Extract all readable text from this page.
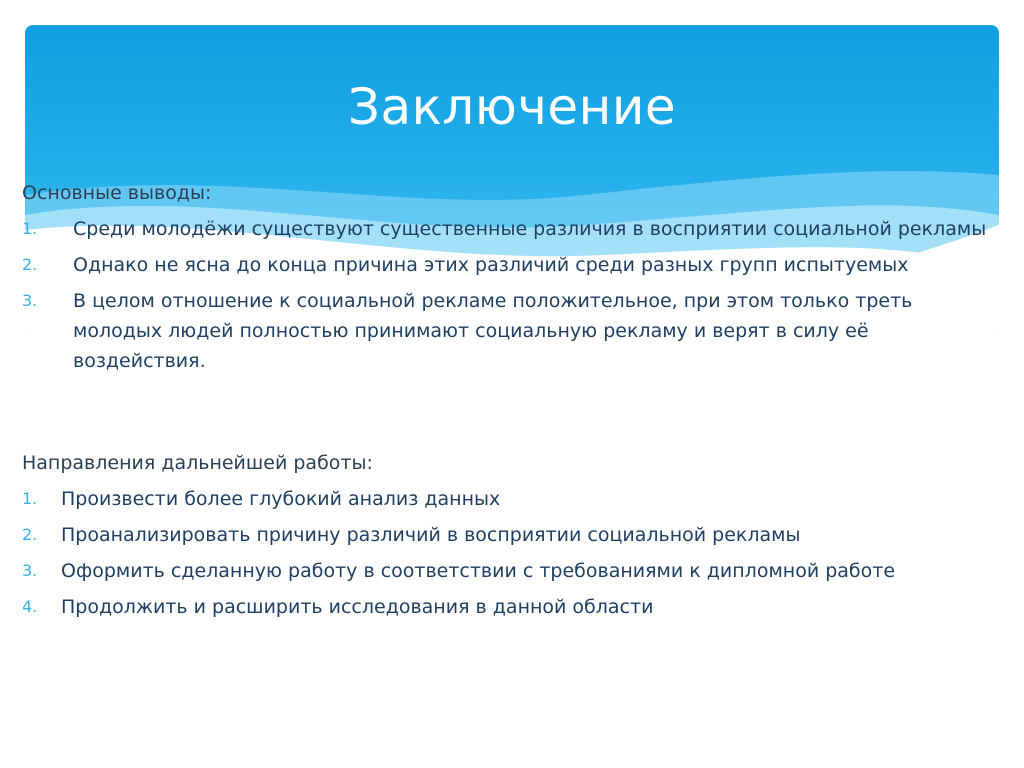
Заключение
Основные выводы:
1. Среди молодёжи существуют существенные различия в восприятии социальной рекламы
2. Однако не ясна до конца причина этих различий среди разных групп испытуемых
3. В целом отношение к социальной рекламе положительное, при этом только треть молодых людей полностью принимают социальную рекламу и верят в силу её воздействия.
Направления дальнейшей работы:
1. Произвести более глубокий анализ данных
2. Проанализировать причину различий в восприятии социальной рекламы
3. Оформить сделанную работу в соответствии с требованиями к дипломной работе
4. Продолжить и расширить исследования в данной области
